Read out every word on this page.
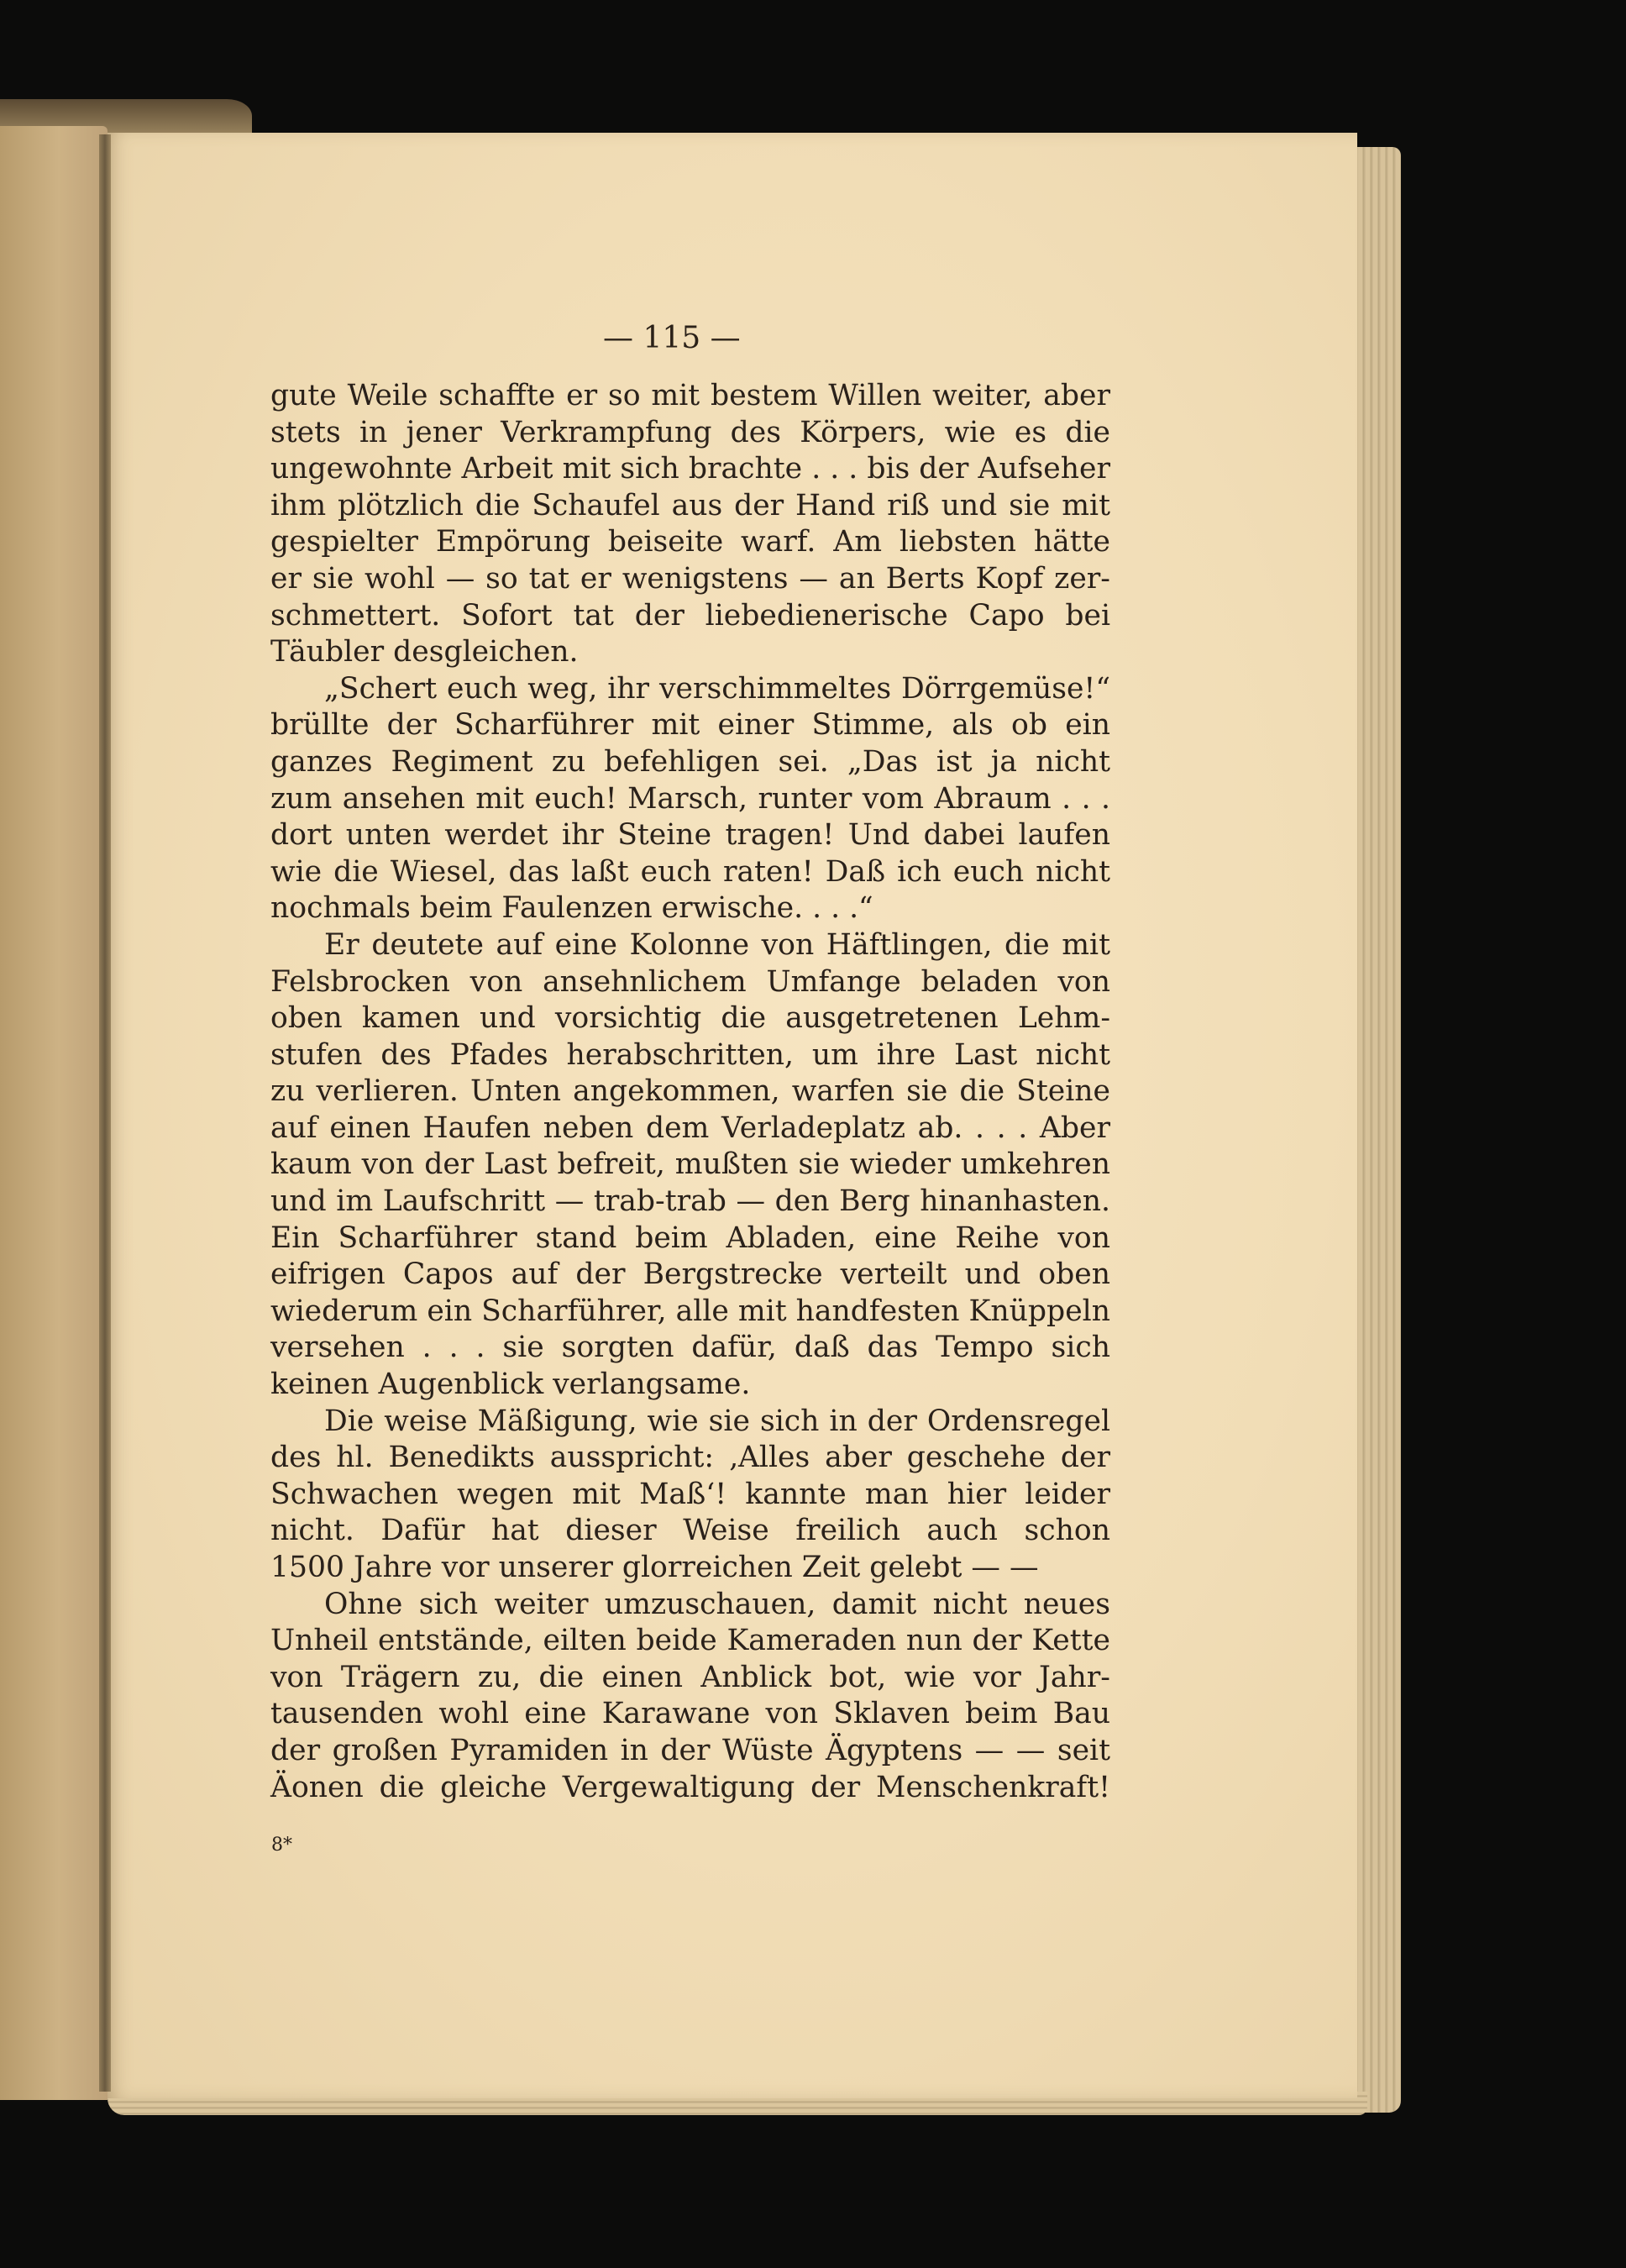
— 115 —
gute Weile schaffte er so mit bestem Willen weiter, aber
stets in jener Verkrampfung des Körpers, wie es die
ungewohnte Arbeit mit sich brachte . . . bis der Aufseher
ihm plötzlich die Schaufel aus der Hand riß und sie mit
gespielter Empörung beiseite warf. Am liebsten hätte
er sie wohl — so tat er wenigstens — an Berts Kopf zer-
schmettert. Sofort tat der liebedienerische Capo bei
Täubler desgleichen.
„Schert euch weg, ihr verschimmeltes Dörrgemüse!“
brüllte der Scharführer mit einer Stimme, als ob ein
ganzes Regiment zu befehligen sei. „Das ist ja nicht
zum ansehen mit euch! Marsch, runter vom Abraum . . .
dort unten werdet ihr Steine tragen! Und dabei laufen
wie die Wiesel, das laßt euch raten! Daß ich euch nicht
nochmals beim Faulenzen erwische. . . .“
Er deutete auf eine Kolonne von Häftlingen, die mit
Felsbrocken von ansehnlichem Umfange beladen von
oben kamen und vorsichtig die ausgetretenen Lehm-
stufen des Pfades herabschritten, um ihre Last nicht
zu verlieren. Unten angekommen, warfen sie die Steine
auf einen Haufen neben dem Verladeplatz ab. . . . Aber
kaum von der Last befreit, mußten sie wieder umkehren
und im Laufschritt — trab-trab — den Berg hinanhasten.
Ein Scharführer stand beim Abladen, eine Reihe von
eifrigen Capos auf der Bergstrecke verteilt und oben
wiederum ein Scharführer, alle mit handfesten Knüppeln
versehen . . . sie sorgten dafür, daß das Tempo sich
keinen Augenblick verlangsame.
Die weise Mäßigung, wie sie sich in der Ordensregel
des hl. Benedikts ausspricht: ‚Alles aber geschehe der
Schwachen wegen mit Maß‘! kannte man hier leider
nicht. Dafür hat dieser Weise freilich auch schon
1500 Jahre vor unserer glorreichen Zeit gelebt — —
Ohne sich weiter umzuschauen, damit nicht neues
Unheil entstände, eilten beide Kameraden nun der Kette
von Trägern zu, die einen Anblick bot, wie vor Jahr-
tausenden wohl eine Karawane von Sklaven beim Bau
der großen Pyramiden in der Wüste Ägyptens — — seit
Äonen die gleiche Vergewaltigung der Menschenkraft!
8*
